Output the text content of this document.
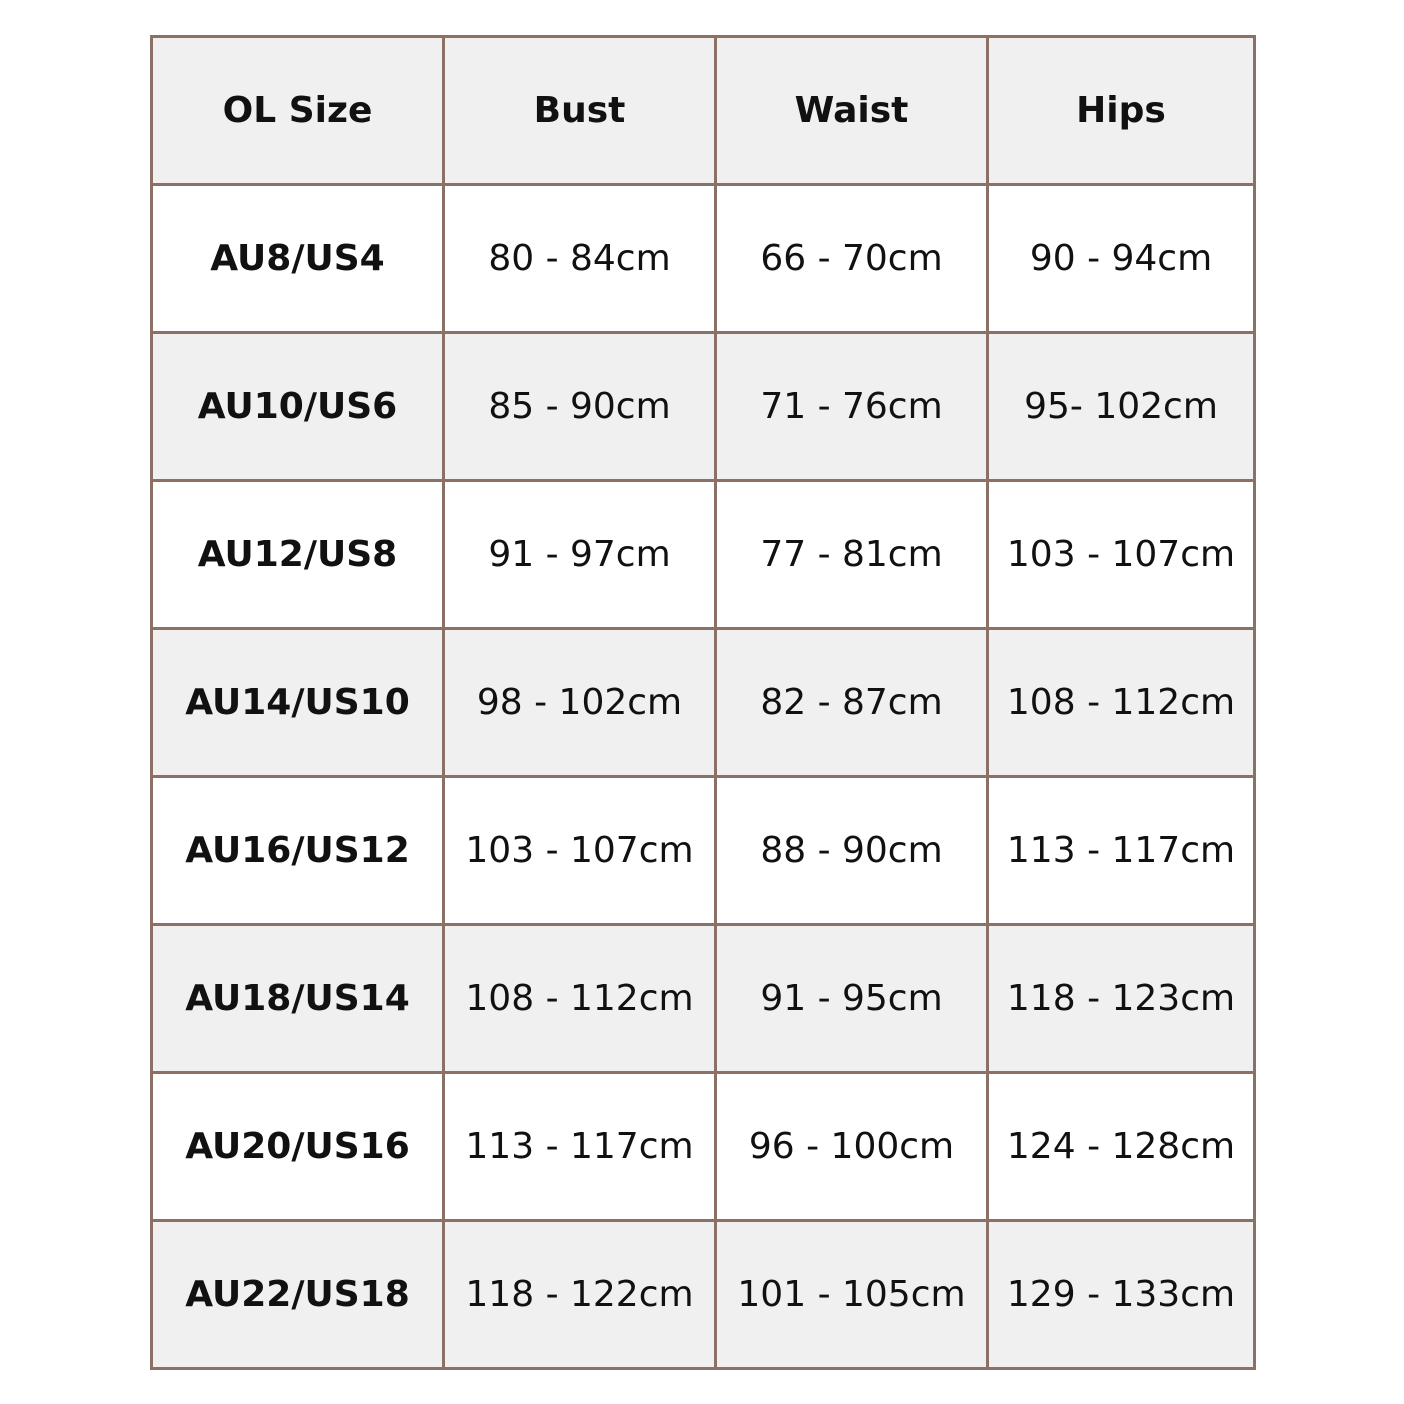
OL Size	Bust	Waist	Hips
AU8/US4	80 - 84cm	66 - 70cm	90 - 94cm
AU10/US6	85 - 90cm	71 - 76cm	95- 102cm
AU12/US8	91 - 97cm	77 - 81cm	103 - 107cm
AU14/US10	98 - 102cm	82 - 87cm	108 - 112cm
AU16/US12	103 - 107cm	88 - 90cm	113 - 117cm
AU18/US14	108 - 112cm	91 - 95cm	118 - 123cm
AU20/US16	113 - 117cm	96 - 100cm	124 - 128cm
AU22/US18	118 - 122cm	101 - 105cm	129 - 133cm
